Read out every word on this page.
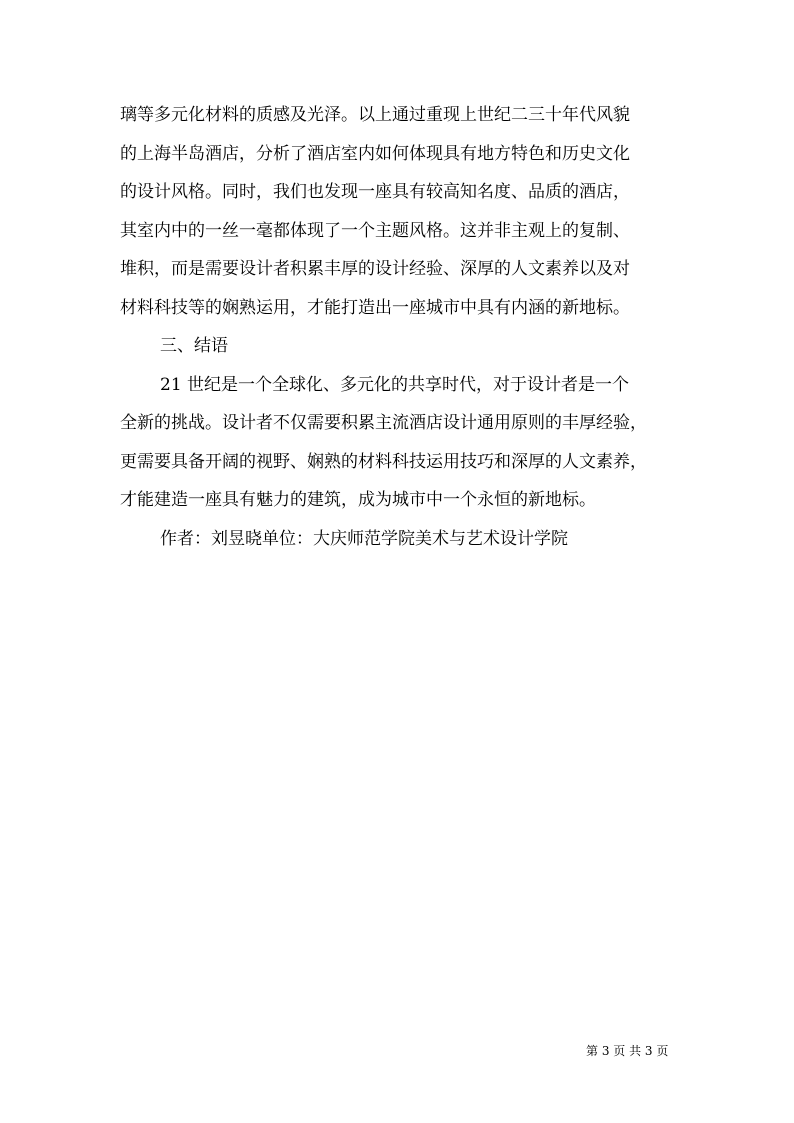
璃等多元化材料的质感及光泽。以上通过重现上世纪二三十年代风貌
的上海半岛酒店，分析了酒店室内如何体现具有地方特色和历史文化
的设计风格。同时，我们也发现一座具有较高知名度、品质的酒店，
其室内中的一丝一毫都体现了一个主题风格。这并非主观上的复制、
堆积，而是需要设计者积累丰厚的设计经验、深厚的人文素养以及对
材料科技等的娴熟运用，才能打造出一座城市中具有内涵的新地标。
三、结语
21 世纪是一个全球化、多元化的共享时代，对于设计者是一个
全新的挑战。设计者不仅需要积累主流酒店设计通用原则的丰厚经验，
更需要具备开阔的视野、娴熟的材料科技运用技巧和深厚的人文素养，
才能建造一座具有魅力的建筑，成为城市中一个永恒的新地标。
作者：刘昱晓单位：大庆师范学院美术与艺术设计学院
第 3 页 共 3 页
